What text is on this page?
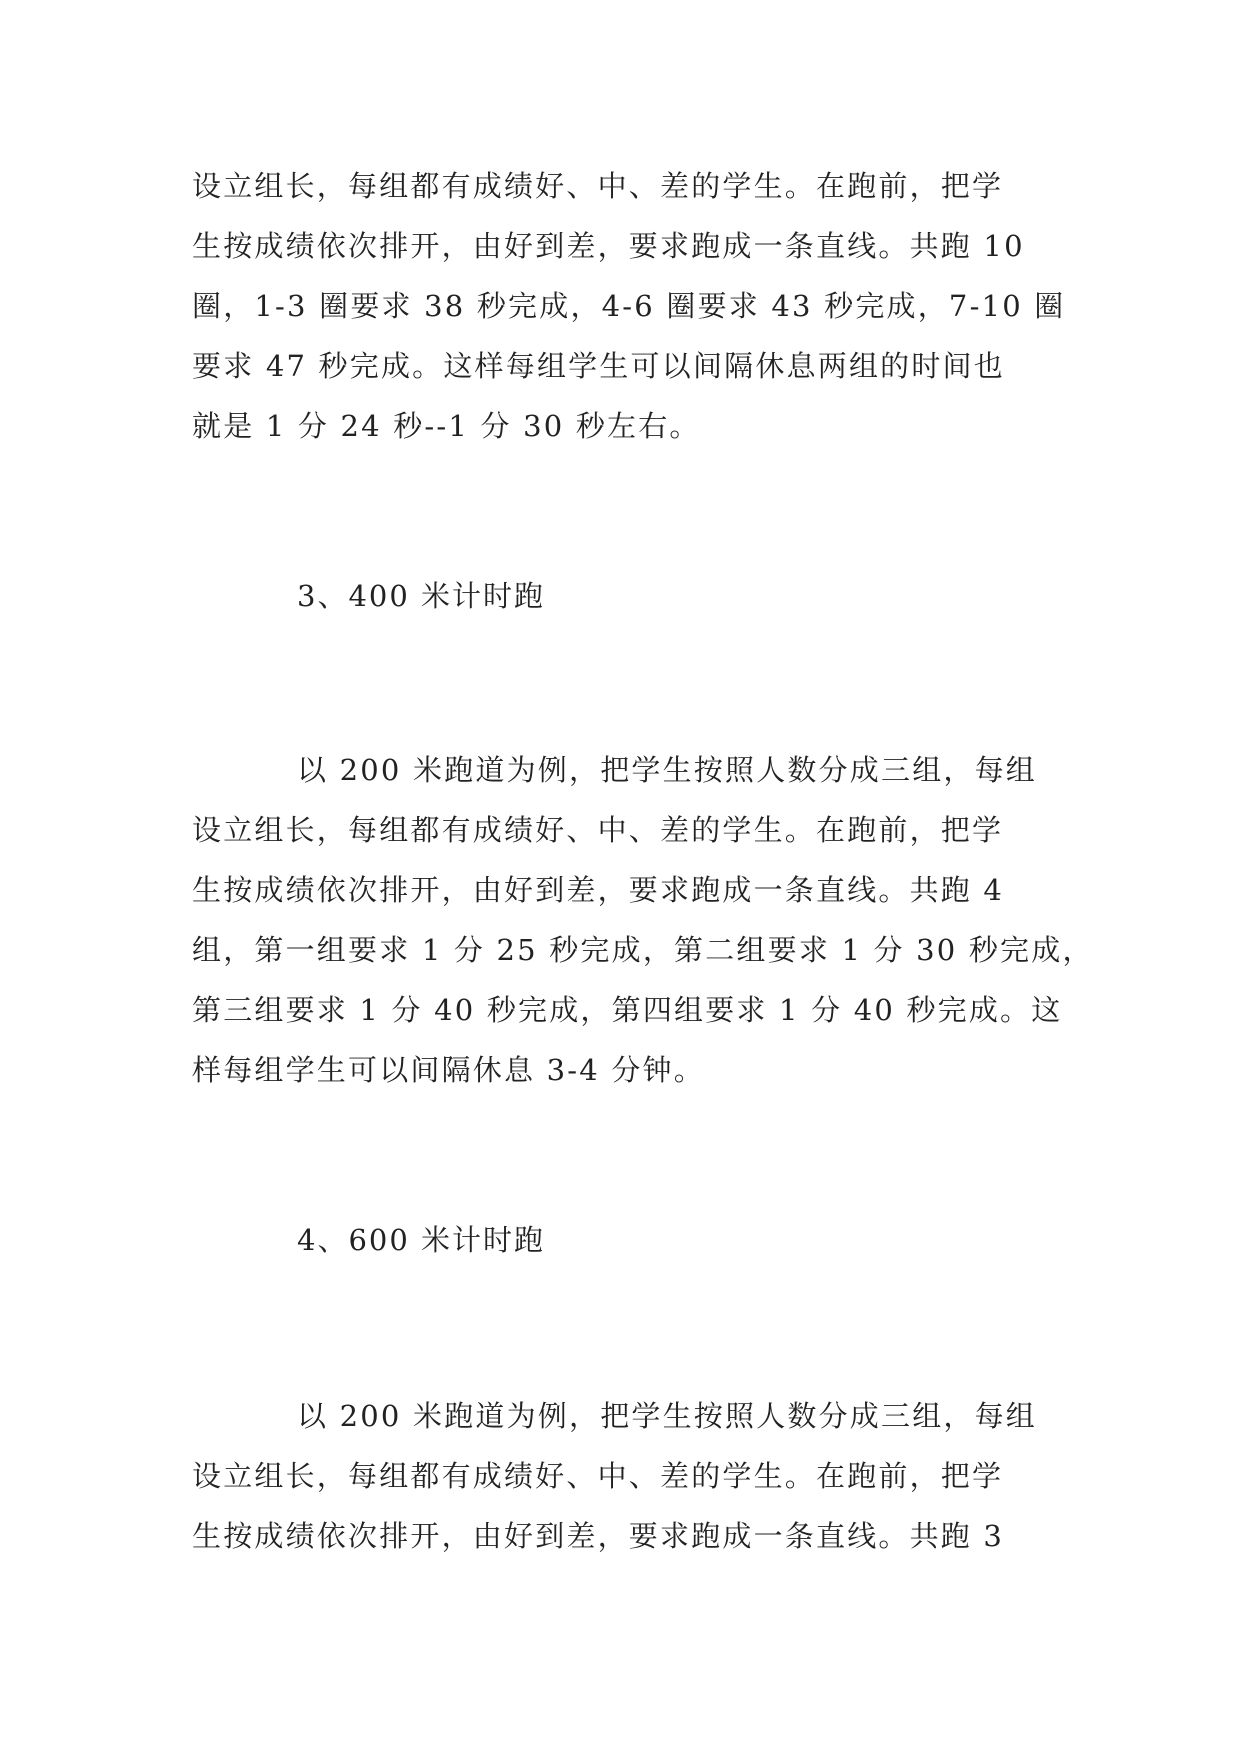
设立组长，每组都有成绩好、中、差的学生。在跑前，把学
生按成绩依次排开，由好到差，要求跑成一条直线。共跑 10
圈，1-3 圈要求 38 秒完成，4-6 圈要求 43 秒完成，7-10 圈
要求 47 秒完成。这样每组学生可以间隔休息两组的时间也
就是 1 分 24 秒--1 分 30 秒左右。
3、400 米计时跑
以 200 米跑道为例，把学生按照人数分成三组，每组
设立组长，每组都有成绩好、中、差的学生。在跑前，把学
生按成绩依次排开，由好到差，要求跑成一条直线。共跑 4
组，第一组要求 1 分 25 秒完成，第二组要求 1 分 30 秒完成，
第三组要求 1 分 40 秒完成，第四组要求 1 分 40 秒完成。这
样每组学生可以间隔休息 3-4 分钟。
4、600 米计时跑
以 200 米跑道为例，把学生按照人数分成三组，每组
设立组长，每组都有成绩好、中、差的学生。在跑前，把学
生按成绩依次排开，由好到差，要求跑成一条直线。共跑 3
